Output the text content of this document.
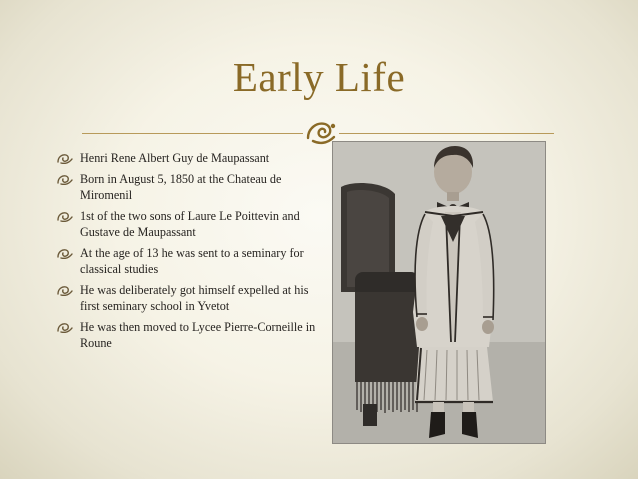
Early Life
Henri Rene Albert Guy de Maupassant
Born in August 5, 1850 at the Chateau de Miromenil
1st of the two sons of Laure Le Poittevin and Gustave de Maupassant
At the age of 13 he was sent to a seminary for classical studies
He was deliberately got himself expelled at his first seminary school in Yvetot
He was then moved to Lycee Pierre-Corneille in Roune
